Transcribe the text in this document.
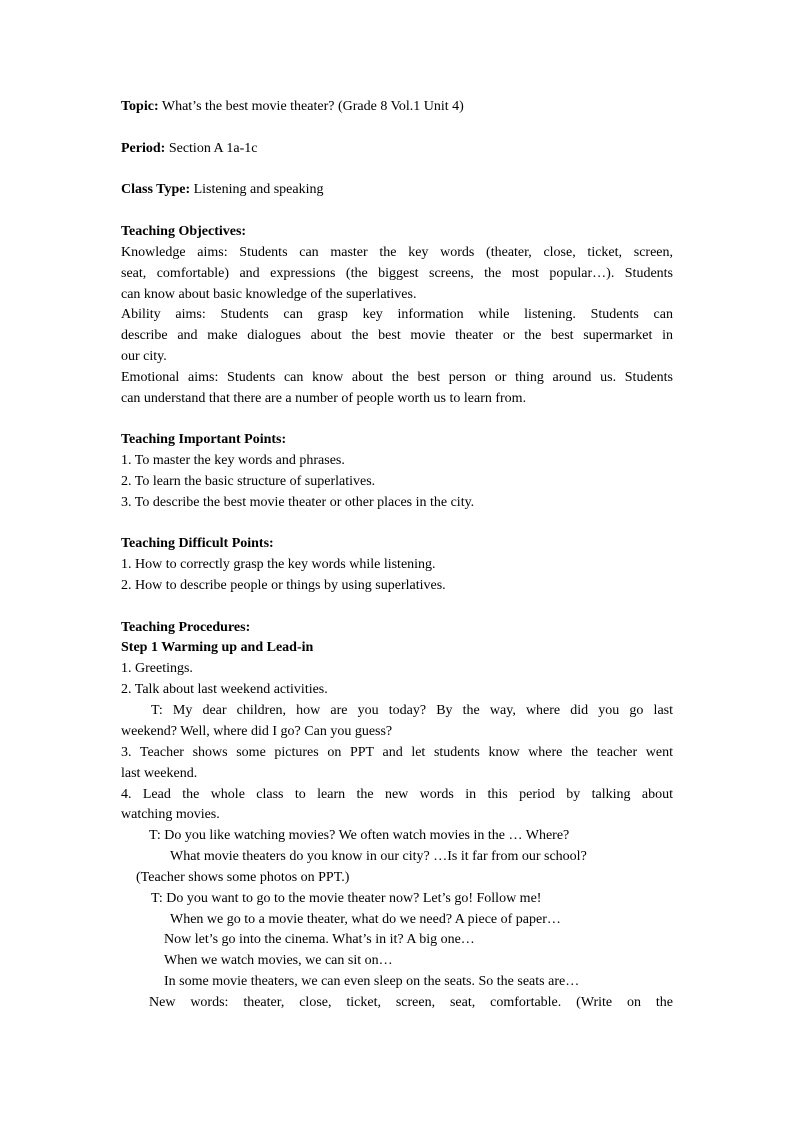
Topic: What’s the best movie theater? (Grade 8 Vol.1 Unit 4)
Period: Section A 1a-1c
Class Type: Listening and speaking
Teaching Objectives:
Knowledge aims: Students can master the key words (theater, close, ticket, screen,
seat, comfortable) and expressions (the biggest screens, the most popular…). Students
can know about basic knowledge of the superlatives.
Ability aims: Students can grasp key information while listening. Students can
describe and make dialogues about the best movie theater or the best supermarket in
our city.
Emotional aims: Students can know about the best person or thing around us. Students
can understand that there are a number of people worth us to learn from.
Teaching Important Points:
1. To master the key words and phrases.
2. To learn the basic structure of superlatives.
3. To describe the best movie theater or other places in the city.
Teaching Difficult Points:
1. How to correctly grasp the key words while listening.
2. How to describe people or things by using superlatives.
Teaching Procedures:
Step 1 Warming up and Lead-in
1. Greetings.
2. Talk about last weekend activities.
T: My dear children, how are you today? By the way, where did you go last
weekend? Well, where did I go? Can you guess?
3. Teacher shows some pictures on PPT and let students know where the teacher went
last weekend.
4. Lead the whole class to learn the new words in this period by talking about
watching movies.
T: Do you like watching movies? We often watch movies in the … Where?
What movie theaters do you know in our city? …Is it far from our school?
(Teacher shows some photos on PPT.)
T: Do you want to go to the movie theater now? Let’s go! Follow me!
When we go to a movie theater, what do we need? A piece of paper…
Now let’s go into the cinema. What’s in it? A big one…
When we watch movies, we can sit on…
In some movie theaters, we can even sleep on the seats. So the seats are…
New words: theater, close, ticket, screen, seat, comfortable. (Write on the
